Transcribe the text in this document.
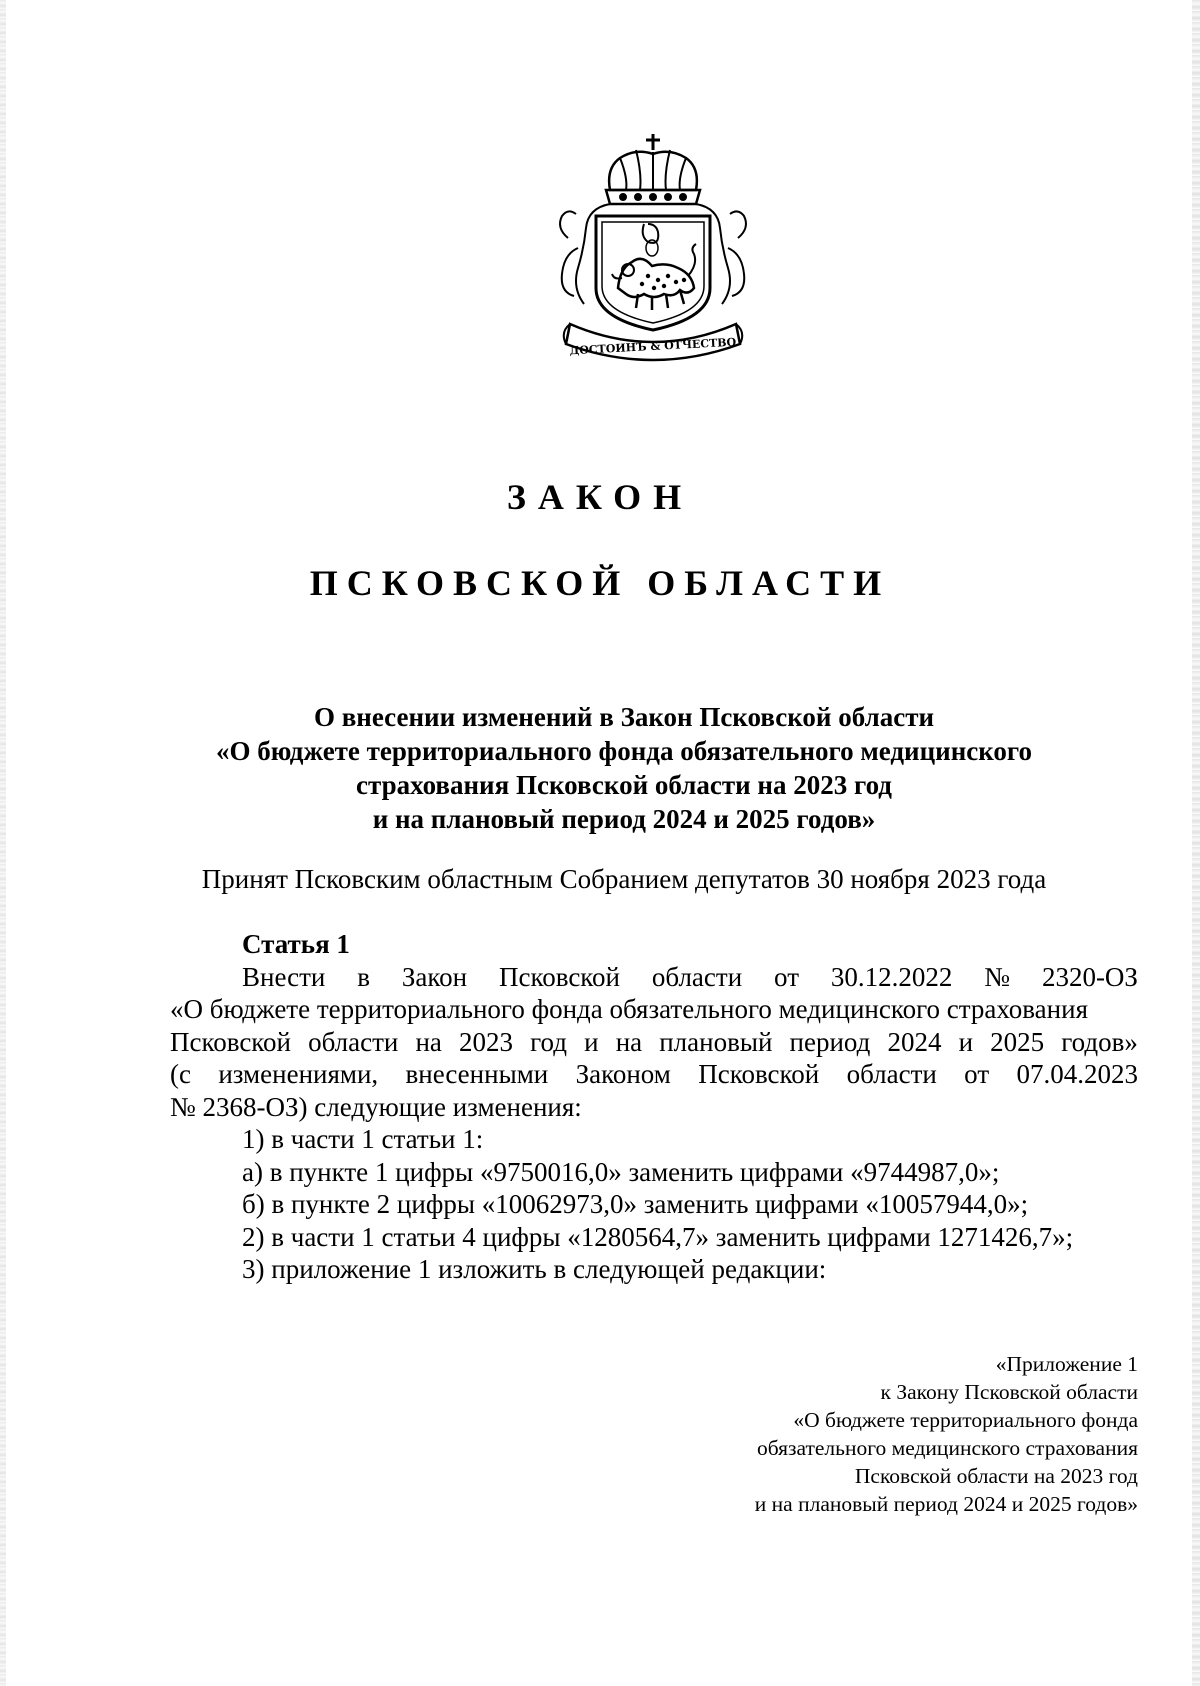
ДОСТОИНЪ & ОТЧЕСТВО
ЗАКОН
ПСКОВСКОЙ ОБЛАСТИ
О внесении изменений в Закон Псковской области
«О бюджете территориального фонда обязательного медицинского
страхования Псковской области на 2023 год
и на плановый период 2024 и 2025 годов»
Принят Псковским областным Собранием депутатов 30 ноября 2023 года
Статья 1
Внести в Закон Псковской области от 30.12.2022 № 2320-ОЗ
«О бюджете территориального фонда обязательного медицинского страхования
Псковской области на 2023 год и на плановый период 2024 и 2025 годов»
(с изменениями, внесенными Законом Псковской области от 07.04.2023
№ 2368-ОЗ) следующие изменения:
1) в части 1 статьи 1:
а) в пункте 1 цифры «9750016,0» заменить цифрами «9744987,0»;
б) в пункте 2 цифры «10062973,0» заменить цифрами «10057944,0»;
2) в части 1 статьи 4 цифры «1280564,7» заменить цифрами 1271426,7»;
3) приложение 1 изложить в следующей редакции:
«Приложение 1
к Закону Псковской области
«О бюджете территориального фонда
обязательного медицинского страхования
Псковской области на 2023 год
и на плановый период 2024 и 2025 годов»
